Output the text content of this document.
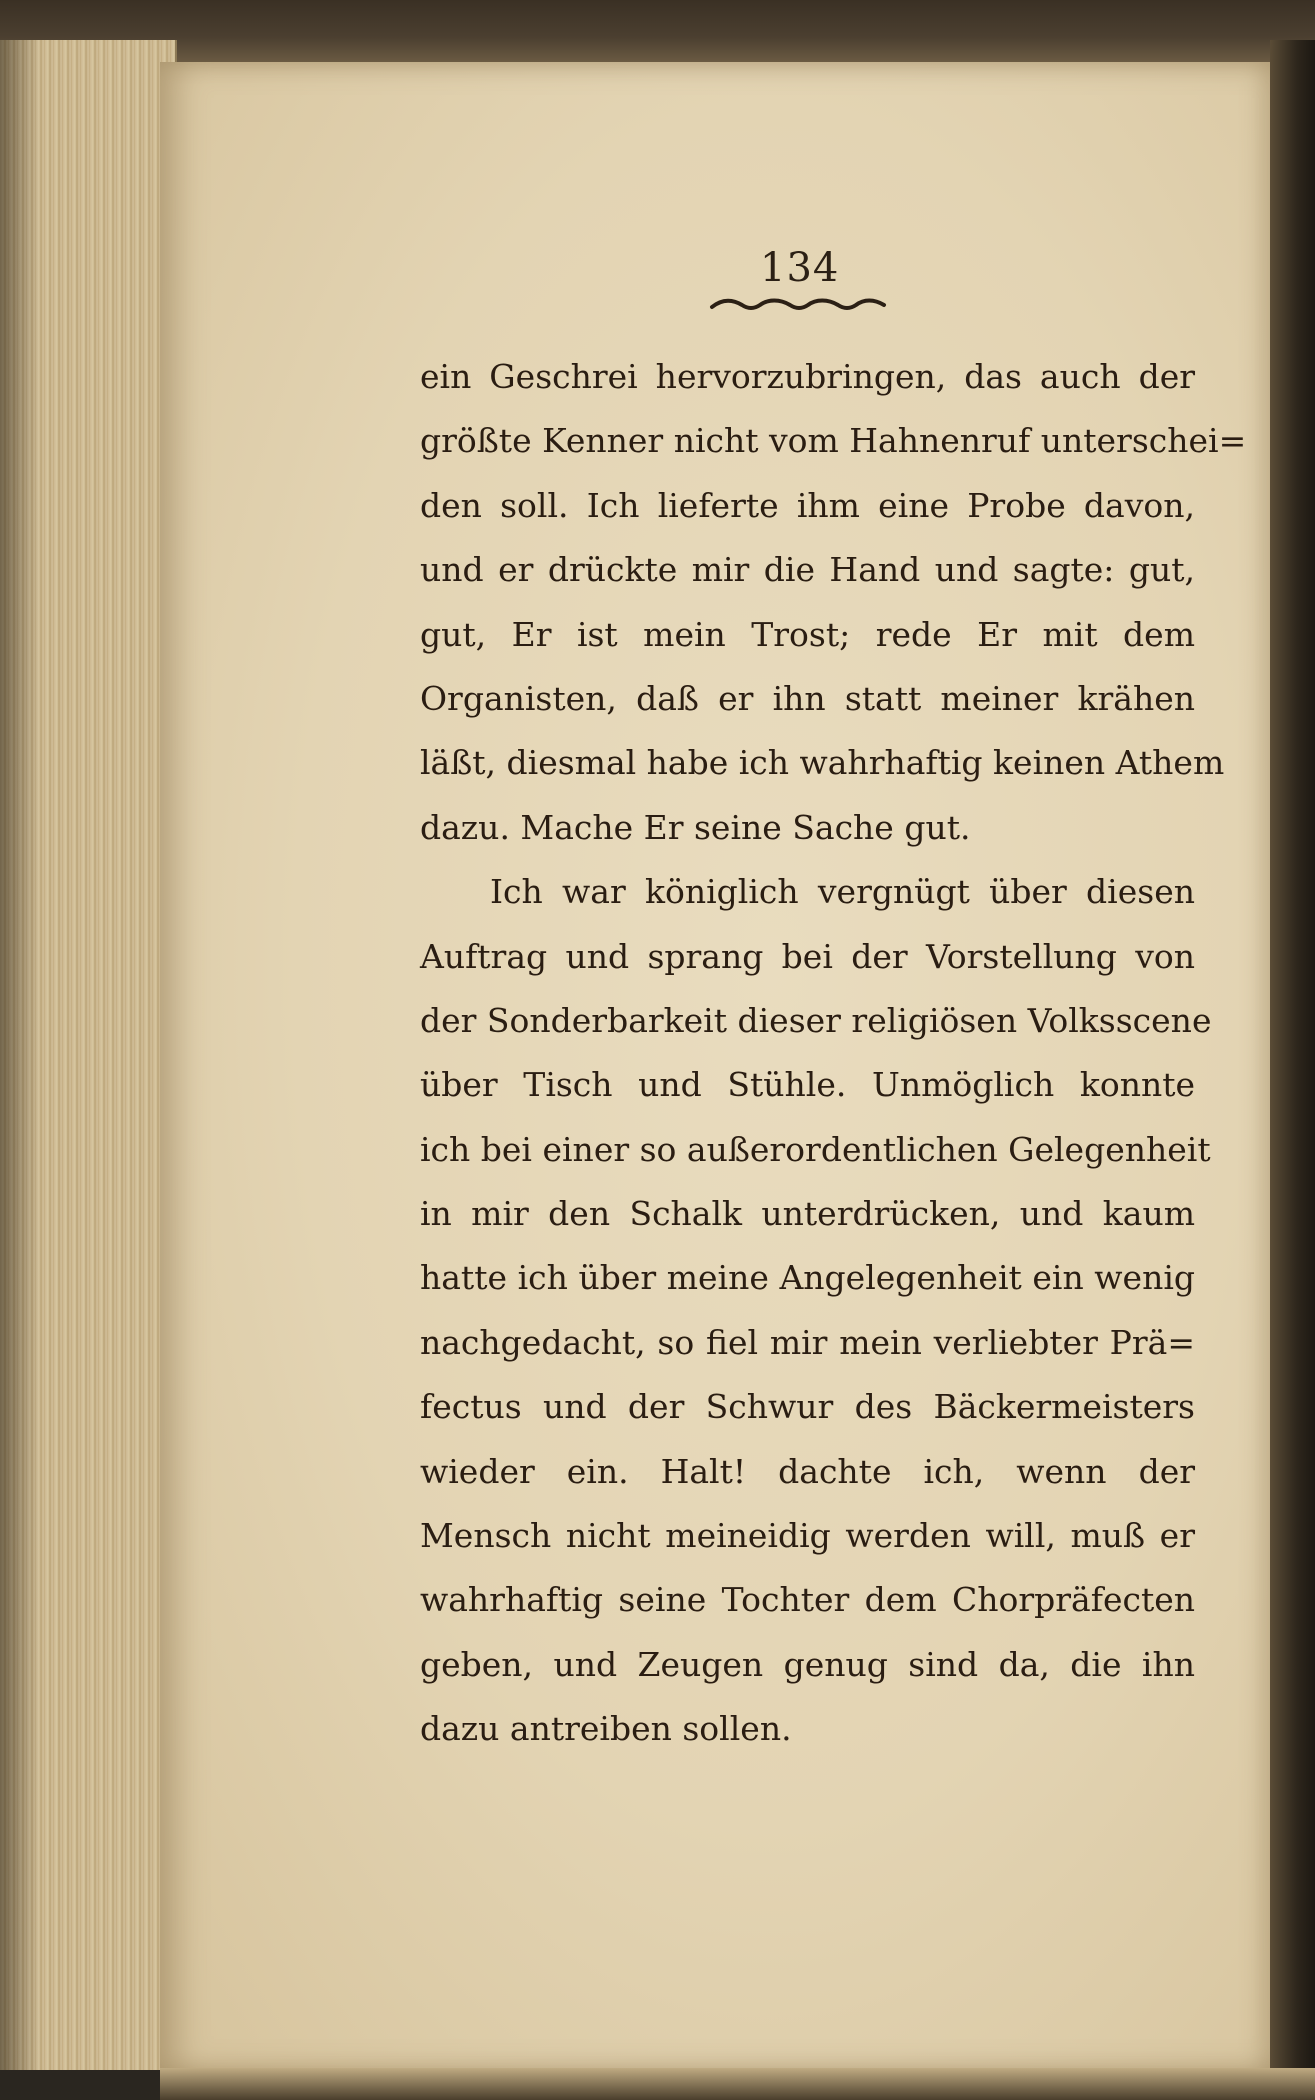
134
ein Geschrei hervorzubringen, das auch der
größte Kenner nicht vom Hahnenruf unterschei=
den soll. Ich lieferte ihm eine Probe davon,
und er drückte mir die Hand und sagte: gut,
gut, Er ist mein Trost; rede Er mit dem
Organisten, daß er ihn statt meiner krähen
läßt, diesmal habe ich wahrhaftig keinen Athem
dazu. Mache Er seine Sache gut.
Ich war königlich vergnügt über diesen
Auftrag und sprang bei der Vorstellung von
der Sonderbarkeit dieser religiösen Volksscene
über Tisch und Stühle. Unmöglich konnte
ich bei einer so außerordentlichen Gelegenheit
in mir den Schalk unterdrücken, und kaum
hatte ich über meine Angelegenheit ein wenig
nachgedacht, so fiel mir mein verliebter Prä=
fectus und der Schwur des Bäckermeisters
wieder ein. Halt! dachte ich, wenn der
Mensch nicht meineidig werden will, muß er
wahrhaftig seine Tochter dem Chorpräfecten
geben, und Zeugen genug sind da, die ihn
dazu antreiben sollen.
